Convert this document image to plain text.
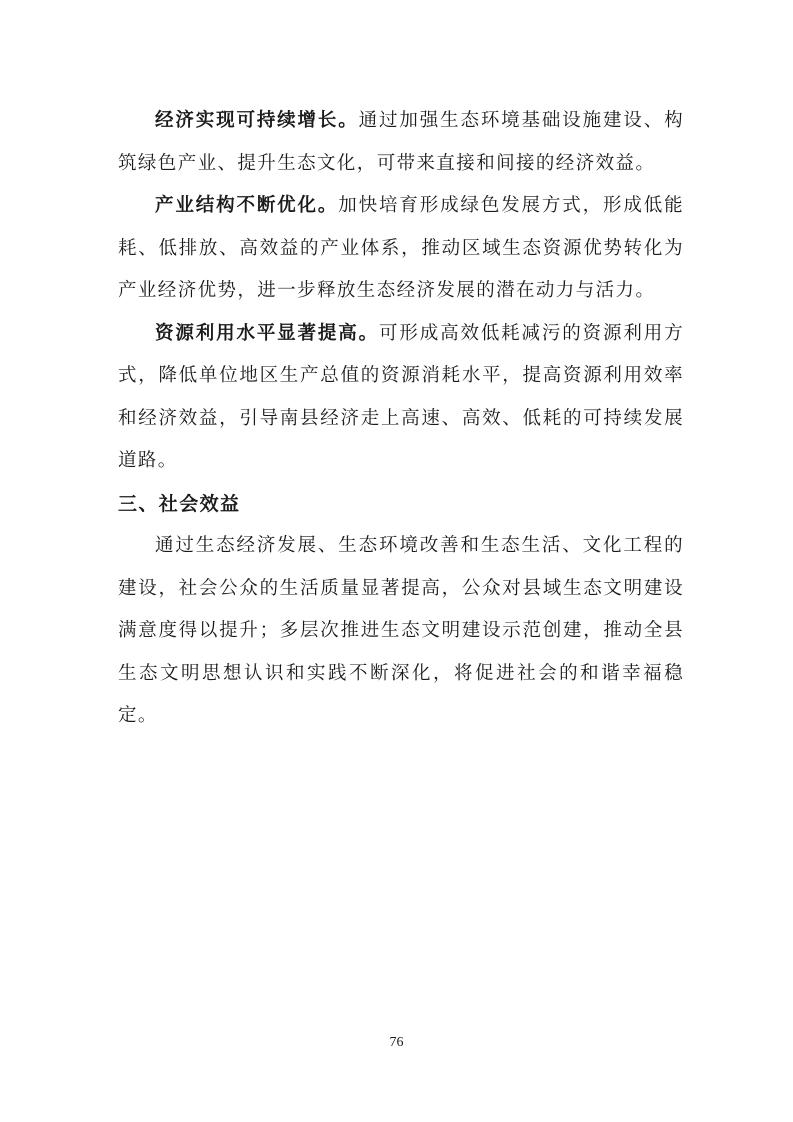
经济实现可持续增长。通过加强生态环境基础设施建设、构筑绿色产业、提升生态文化，可带来直接和间接的经济效益。

产业结构不断优化。加快培育形成绿色发展方式，形成低能耗、低排放、高效益的产业体系，推动区域生态资源优势转化为产业经济优势，进一步释放生态经济发展的潜在动力与活力。

资源利用水平显著提高。可形成高效低耗减污的资源利用方式，降低单位地区生产总值的资源消耗水平，提高资源利用效率和经济效益，引导南县经济走上高速、高效、低耗的可持续发展道路。

三、社会效益

通过生态经济发展、生态环境改善和生态生活、文化工程的建设，社会公众的生活质量显著提高，公众对县域生态文明建设满意度得以提升；多层次推进生态文明建设示范创建，推动全县生态文明思想认识和实践不断深化，将促进社会的和谐幸福稳定。

76
